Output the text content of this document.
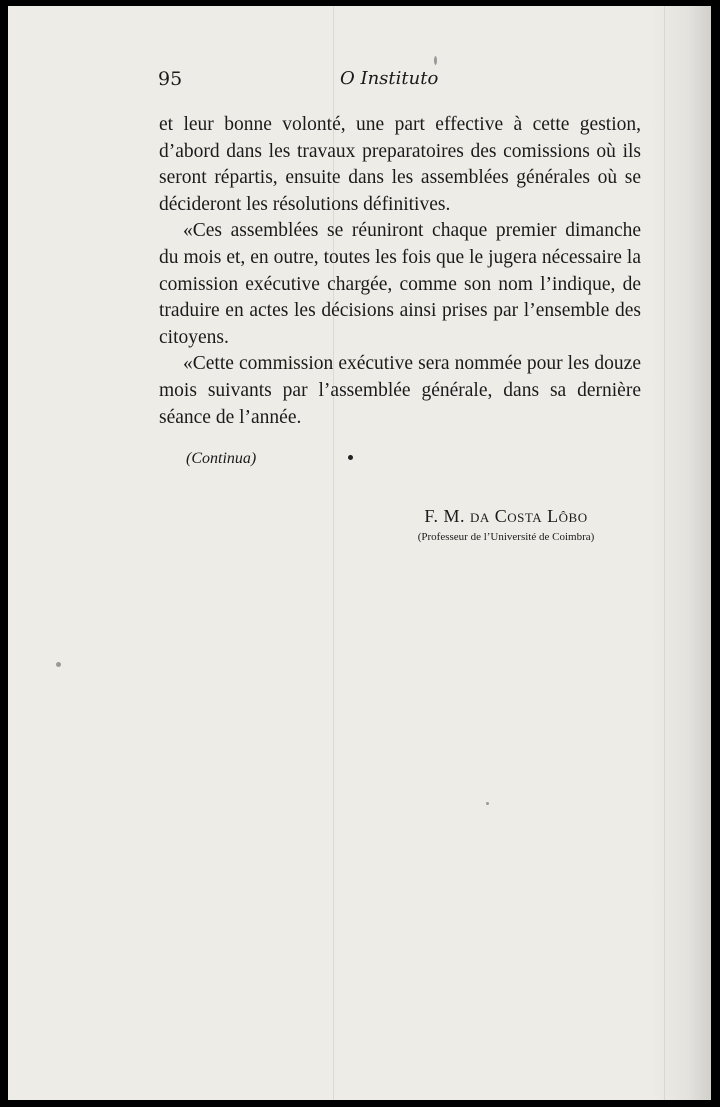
95	O Instituto

et leur bonne volonté, une part effective à cette gestion, d’abord dans les travaux preparatoires des comissions où ils seront répartis, ensuite dans les assemblées générales où se décideront les résolutions définitives.

«Ces assemblées se réuniront chaque premier dimanche du mois et, en outre, toutes les fois que le jugera nécessaire la comission exécutive chargée, comme son nom l’indique, de traduire en actes les décisions ainsi prises par l’ensemble des citoyens.

«Cette commission exécutive sera nommée pour les douze mois suivants par l’assemblée générale, dans sa dernière séance de l’année.

(Continua)
F. M. da Costa Lôbo
(Professeur de l’Université de Coimbra)
